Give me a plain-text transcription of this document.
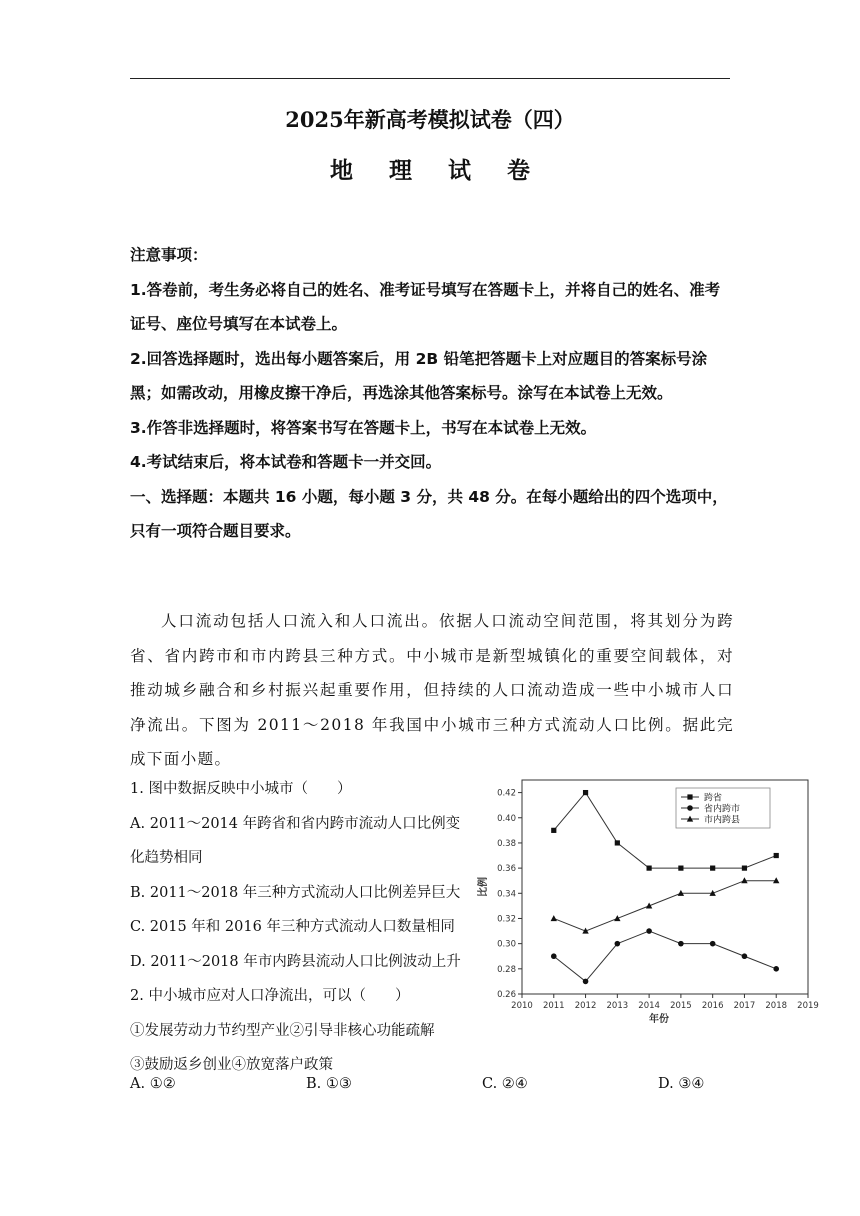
2025年新高考模拟试卷（四）
地 理 试 卷

注意事项：

1.答卷前，考生务必将自己的姓名、准考证号填写在答题卡上，并将自己的姓名、准考证号、座位号填写在本试卷上。

2.回答选择题时，选出每小题答案后，用 2B 铅笔把答题卡上对应题目的答案标号涂黑；如需改动，用橡皮擦干净后，再选涂其他答案标号。涂写在本试卷上无效。

3.作答非选择题时，将答案书写在答题卡上，书写在本试卷上无效。

4.考试结束后，将本试卷和答题卡一并交回。

一、选择题：本题共 16 小题，每小题 3 分，共 48 分。在每小题给出的四个选项中，只有一项符合题目要求。

人口流动包括人口流入和人口流出。依据人口流动空间范围，将其划分为跨省、省内跨市和市内跨县三种方式。中小城市是新型城镇化的重要空间载体，对推动城乡融合和乡村振兴起重要作用，但持续的人口流动造成一些中小城市人口净流出。下图为 2011～2018 年我国中小城市三种方式流动人口比例。据此完成下面小题。

1. 图中数据反映中小城市（　　）

A. 2011～2014 年跨省和省内跨市流动人口比例变化趋势相同

B. 2011～2018 年三种方式流动人口比例差异巨大

C. 2015 年和 2016 年三种方式流动人口数量相同 D. 2011～2018 年市内跨县流动人口比例波动上升

2. 中小城市应对人口净流出，可以（　　）

①发展劳动力节约型产业②引导非核心功能疏解

③鼓励返乡创业④放宽落户政策

A. ①②	B. ①③	C. ②④	D. ③④
2010 2011 2012 2013 2014 2015 2016 2017 2018 2019
0.26
0.28
0.30
0.32
0.34
0.36
0.38
0.40
0.42
年份
比例
跨省
省内跨市
市内跨县
